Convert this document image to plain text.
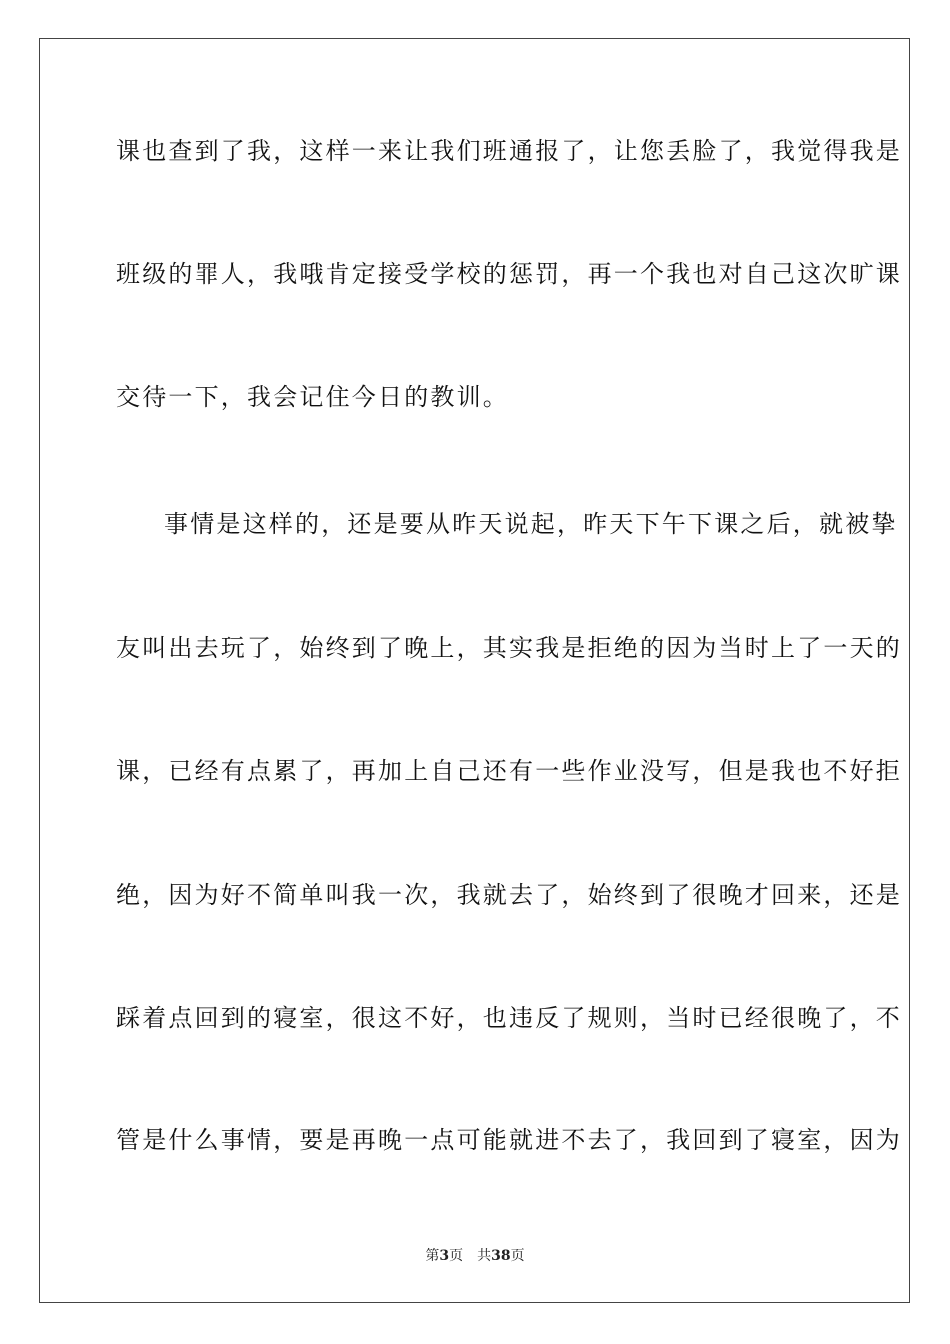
课也查到了我，这样一来让我们班通报了，让您丢脸了，我觉得我是
班级的罪人，我哦肯定接受学校的惩罚，再一个我也对自己这次旷课
交待一下，我会记住今日的教训。
事情是这样的，还是要从昨天说起，昨天下午下课之后，就被挚
友叫出去玩了，始终到了晚上，其实我是拒绝的因为当时上了一天的
课，已经有点累了，再加上自己还有一些作业没写，但是我也不好拒
绝，因为好不简单叫我一次，我就去了，始终到了很晚才回来，还是
踩着点回到的寝室，很这不好，也违反了规则，当时已经很晚了，不
管是什么事情，要是再晚一点可能就进不去了，我回到了寝室，因为
第3页 共38页
